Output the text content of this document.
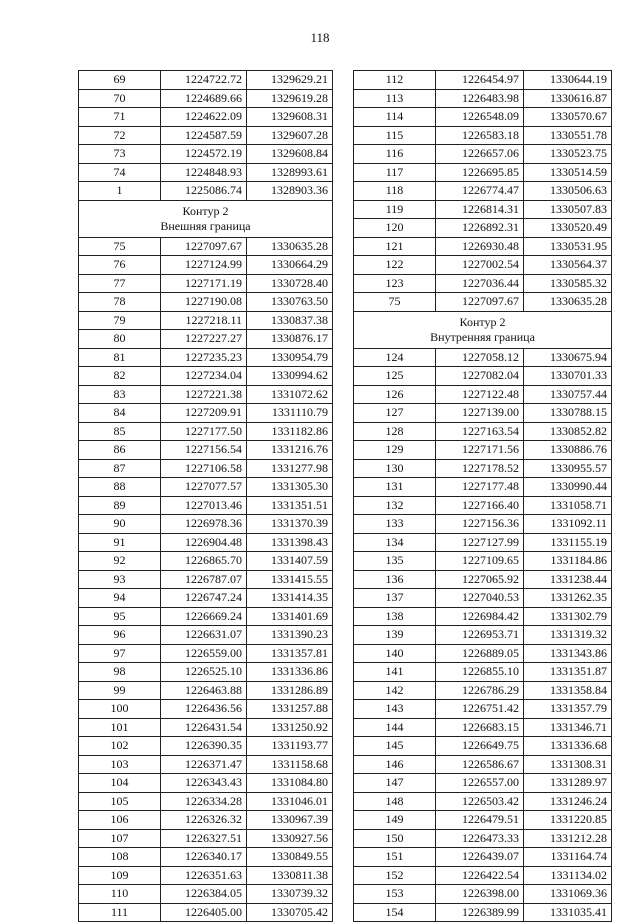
118
69	1224722.72	1329629.21
70	1224689.66	1329619.28
71	1224622.09	1329608.31
72	1224587.59	1329607.28
73	1224572.19	1329608.84
74	1224848.93	1328993.61
1	1225086.74	1328903.36

Контур 2
Внешняя граница		

75	1227097.67	1330635.28
76	1227124.99	1330664.29
77	1227171.19	1330728.40
78	1227190.08	1330763.50
79	1227218.11	1330837.38
80	1227227.27	1330876.17
81	1227235.23	1330954.79
82	1227234.04	1330994.62
83	1227221.38	1331072.62
84	1227209.91	1331110.79
85	1227177.50	1331182.86
86	1227156.54	1331216.76
87	1227106.58	1331277.98
88	1227077.57	1331305.30
89	1227013.46	1331351.51
90	1226978.36	1331370.39
91	1226904.48	1331398.43
92	1226865.70	1331407.59
93	1226787.07	1331415.55
94	1226747.24	1331414.35
95	1226669.24	1331401.69
96	1226631.07	1331390.23
97	1226559.00	1331357.81
98	1226525.10	1331336.86
99	1226463.88	1331286.89
100	1226436.56	1331257.88
101	1226431.54	1331250.92
102	1226390.35	1331193.77
103	1226371.47	1331158.68
104	1226343.43	1331084.80
105	1226334.28	1331046.01
106	1226326.32	1330967.39
107	1226327.51	1330927.56
108	1226340.17	1330849.55
109	1226351.63	1330811.38
110	1226384.05	1330739.32
111	1226405.00	1330705.42
112	1226454.97	1330644.19
113	1226483.98	1330616.87
114	1226548.09	1330570.67
115	1226583.18	1330551.78
116	1226657.06	1330523.75
117	1226695.85	1330514.59
118	1226774.47	1330506.63
119	1226814.31	1330507.83
120	1226892.31	1330520.49
121	1226930.48	1330531.95
122	1227002.54	1330564.37
123	1227036.44	1330585.32
75	1227097.67	1330635.28

Контур 2
Внутренняя граница		

124	1227058.12	1330675.94
125	1227082.04	1330701.33
126	1227122.48	1330757.44
127	1227139.00	1330788.15
128	1227163.54	1330852.82
129	1227171.56	1330886.76
130	1227178.52	1330955.57
131	1227177.48	1330990.44
132	1227166.40	1331058.71
133	1227156.36	1331092.11
134	1227127.99	1331155.19
135	1227109.65	1331184.86
136	1227065.92	1331238.44
137	1227040.53	1331262.35
138	1226984.42	1331302.79
139	1226953.71	1331319.32
140	1226889.05	1331343.86
141	1226855.10	1331351.87
142	1226786.29	1331358.84
143	1226751.42	1331357.79
144	1226683.15	1331346.71
145	1226649.75	1331336.68
146	1226586.67	1331308.31
147	1226557.00	1331289.97
148	1226503.42	1331246.24
149	1226479.51	1331220.85
150	1226473.33	1331212.28
151	1226439.07	1331164.74
152	1226422.54	1331134.02
153	1226398.00	1331069.36
154	1226389.99	1331035.41
